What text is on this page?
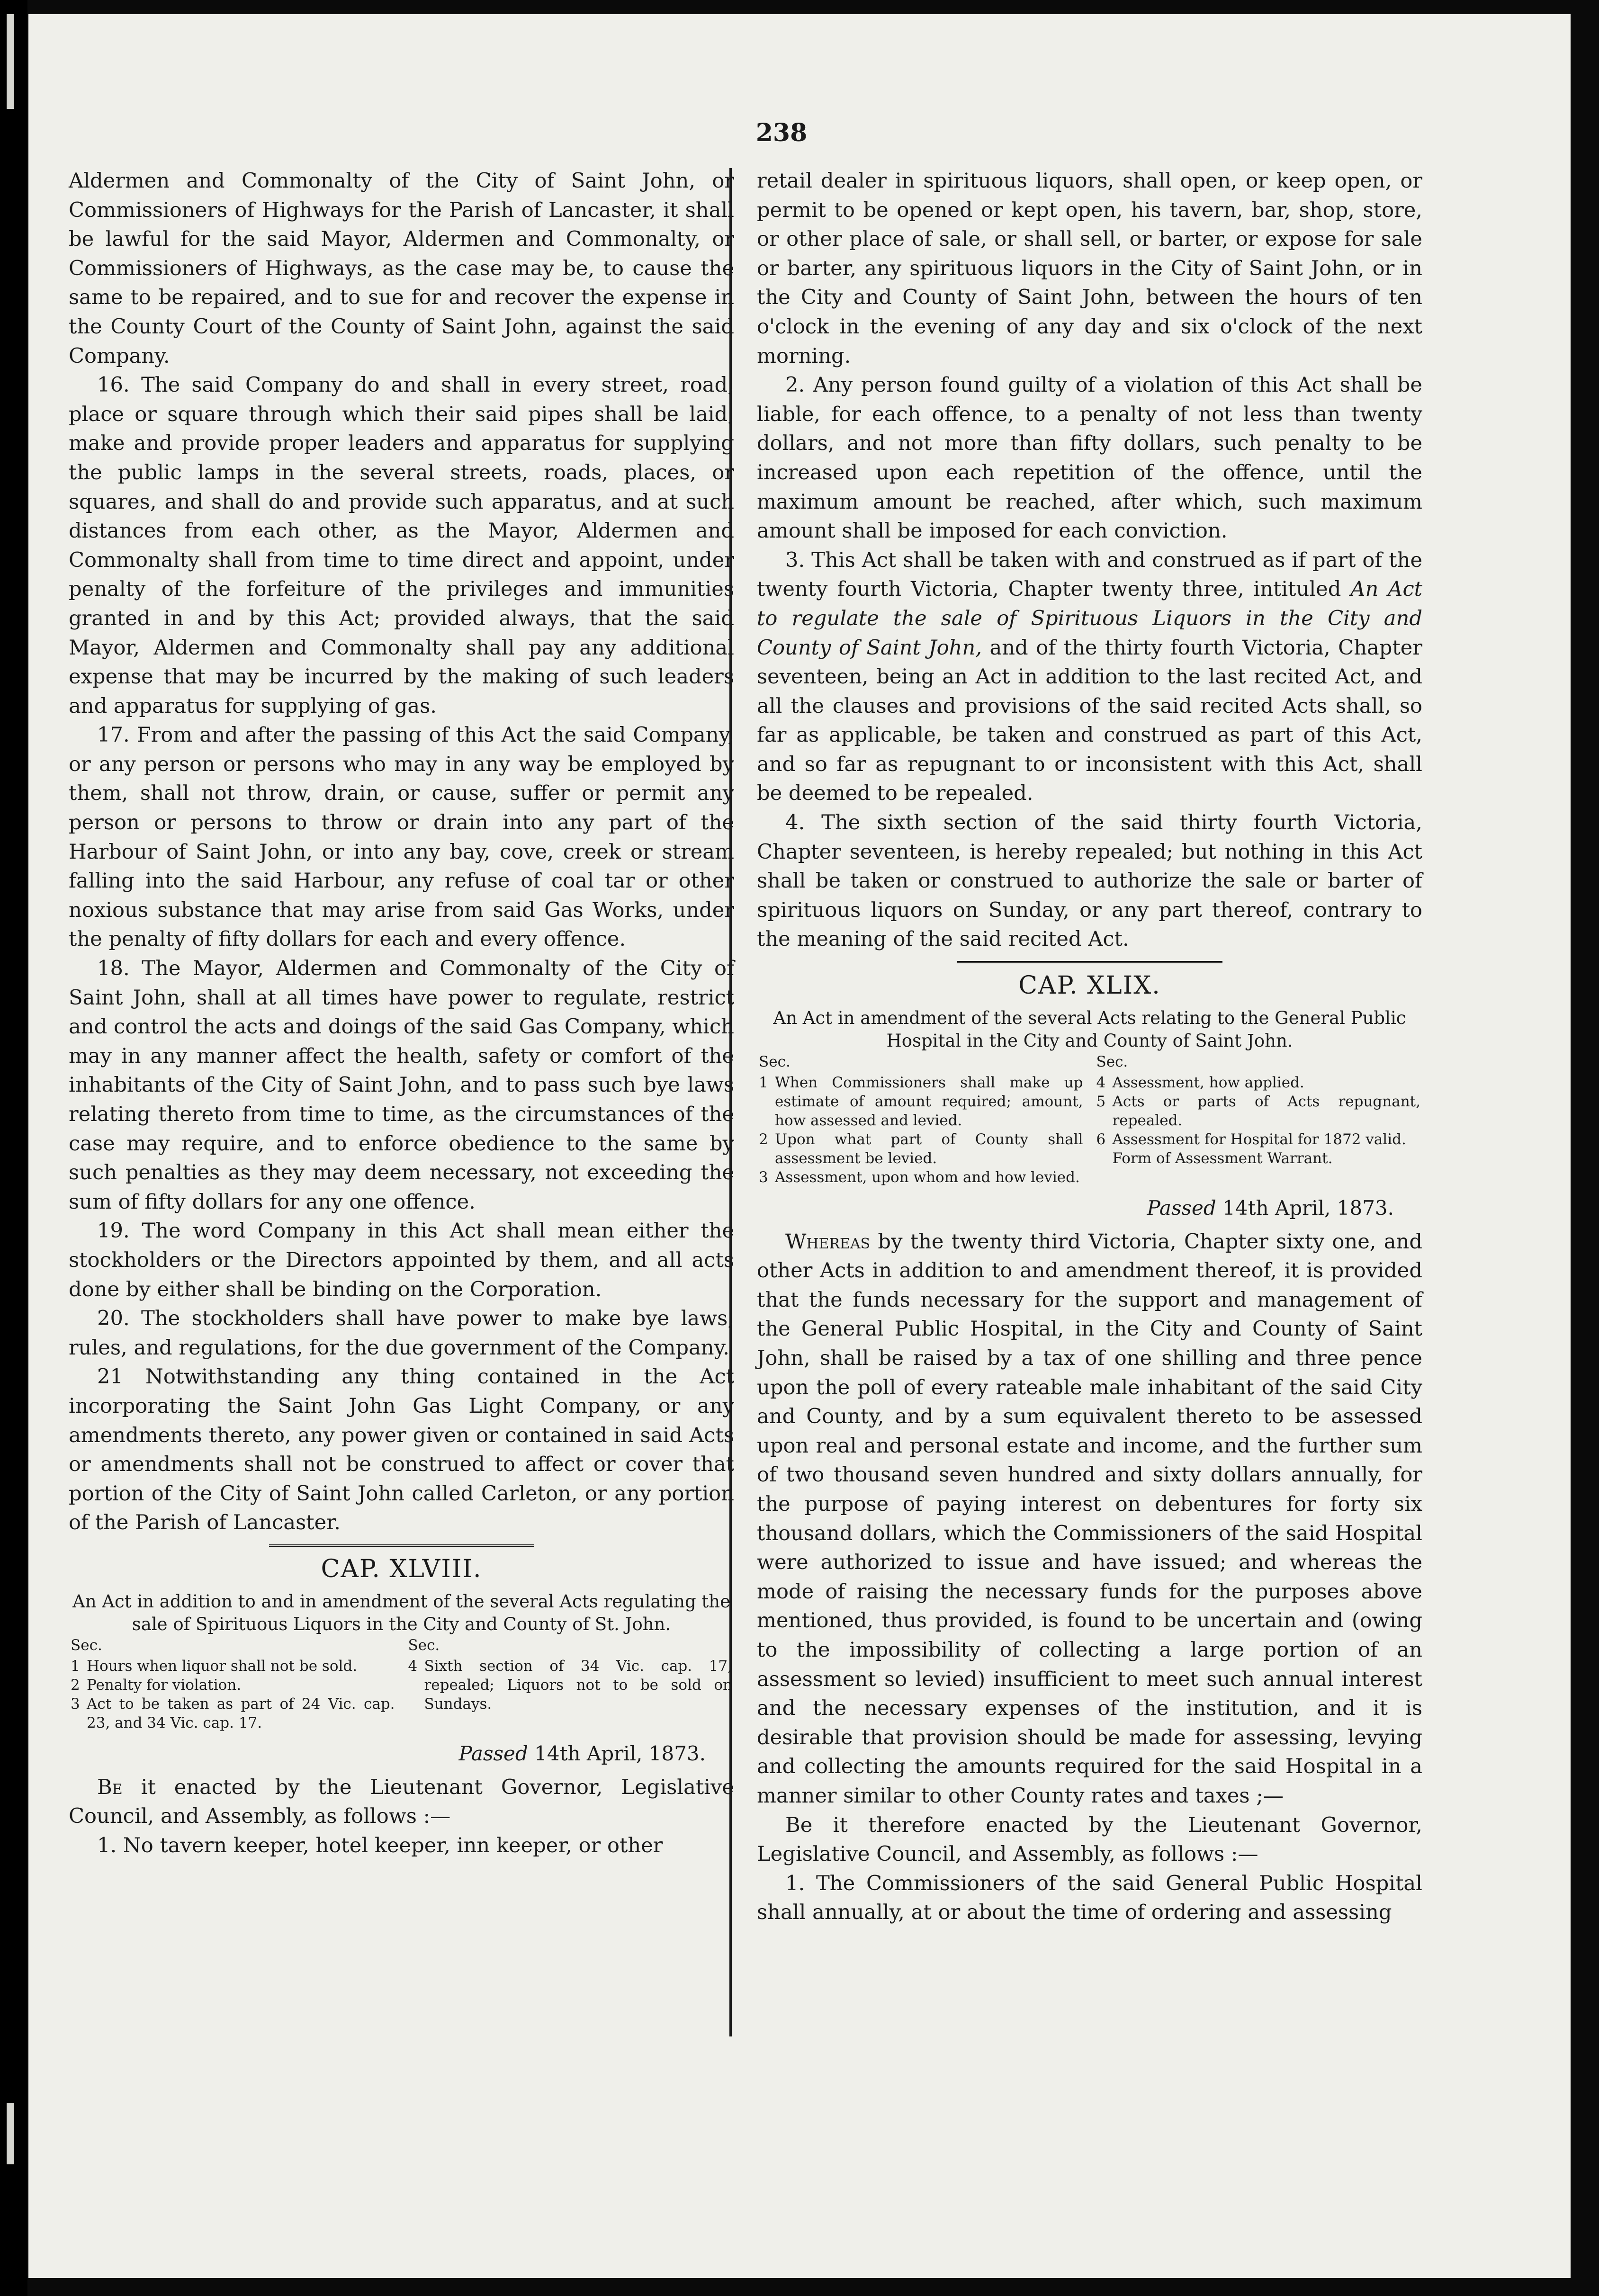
238

Aldermen and Commonalty of the City of Saint John, or Commissioners of Highways for the Parish of Lancaster, it shall be lawful for the said Mayor, Aldermen and Commonalty, or Commissioners of Highways, as the case may be, to cause the same to be repaired, and to sue for and recover the expense in the County Court of the County of Saint John, against the said Company.

16. The said Company do and shall in every street, road, place or square through which their said pipes shall be laid, make and provide proper leaders and apparatus for supplying the public lamps in the several streets, roads, places, or squares, and shall do and provide such apparatus, and at such distances from each other, as the Mayor, Aldermen and Commonalty shall from time to time direct and appoint, under penalty of the forfeiture of the privileges and immunities granted in and by this Act; provided always, that the said Mayor, Aldermen and Commonalty shall pay any additional expense that may be incurred by the making of such leaders and apparatus for supplying of gas.

17. From and after the passing of this Act the said Company, or any person or persons who may in any way be employed by them, shall not throw, drain, or cause, suffer or permit any person or persons to throw or drain into any part of the Harbour of Saint John, or into any bay, cove, creek or stream falling into the said Harbour, any refuse of coal tar or other noxious substance that may arise from said Gas Works, under the penalty of fifty dollars for each and every offence.

18. The Mayor, Aldermen and Commonalty of the City of Saint John, shall at all times have power to regulate, restrict and control the acts and doings of the said Gas Company, which may in any manner affect the health, safety or comfort of the inhabitants of the City of Saint John, and to pass such bye laws relating thereto from time to time, as the circumstances of the case may require, and to enforce obedience to the same by such penalties as they may deem necessary, not exceeding the sum of fifty dollars for any one offence.

19. The word Company in this Act shall mean either the stockholders or the Directors appointed by them, and all acts done by either shall be binding on the Corporation.

20. The stockholders shall have power to make bye laws, rules, and regulations, for the due government of the Company.

21 Notwithstanding any thing contained in the Act incorporating the Saint John Gas Light Company, or any amendments thereto, any power given or contained in said Acts or amendments shall not be construed to affect or cover that portion of the City of Saint John called Carleton, or any portion of the Parish of Lancaster.

CAP. XLVIII.

An Act in addition to and in amendment of the several Acts regulating the sale of Spirituous Liquors in the City and County of St. John.

Sec.
1 Hours when liquor shall not be sold.
2 Penalty for violation.
3 Act to be taken as part of 24 Vic. cap. 23, and 34 Vic. cap. 17.
Sec.
4 Sixth section of 34 Vic. cap. 17, repealed; Liquors not to be sold on Sundays.
Passed 14th April, 1873.

Be it enacted by the Lieutenant Governor, Legislative Council, and Assembly, as follows :—

1. No tavern keeper, hotel keeper, inn keeper, or other

retail dealer in spirituous liquors, shall open, or keep open, or permit to be opened or kept open, his tavern, bar, shop, store, or other place of sale, or shall sell, or barter, or expose for sale or barter, any spirituous liquors in the City of Saint John, or in the City and County of Saint John, between the hours of ten o'clock in the evening of any day and six o'clock of the next morning.

2. Any person found guilty of a violation of this Act shall be liable, for each offence, to a penalty of not less than twenty dollars, and not more than fifty dollars, such penalty to be increased upon each repetition of the offence, until the maximum amount be reached, after which, such maximum amount shall be imposed for each conviction.

3. This Act shall be taken with and construed as if part of the twenty fourth Victoria, Chapter twenty three, intituled An Act to regulate the sale of Spirituous Liquors in the City and County of Saint John, and of the thirty fourth Victoria, Chapter seventeen, being an Act in addition to the last recited Act, and all the clauses and provisions of the said recited Acts shall, so far as applicable, be taken and construed as part of this Act, and so far as repugnant to or inconsistent with this Act, shall be deemed to be repealed.

4. The sixth section of the said thirty fourth Victoria, Chapter seventeen, is hereby repealed; but nothing in this Act shall be taken or construed to authorize the sale or barter of spirituous liquors on Sunday, or any part thereof, contrary to the meaning of the said recited Act.

CAP. XLIX.

An Act in amendment of the several Acts relating to the General Public Hospital in the City and County of Saint John.

Sec.
1 When Commissioners shall make up estimate of amount required; amount, how assessed and levied.
2 Upon what part of County shall assessment be levied.
3 Assessment, upon whom and how levied.
Sec.
4 Assessment, how applied.
5 Acts or parts of Acts repugnant, repealed.
6 Assessment for Hospital for 1872 valid.
Form of Assessment Warrant.
Passed 14th April, 1873.

Whereas by the twenty third Victoria, Chapter sixty one, and other Acts in addition to and amendment thereof, it is provided that the funds necessary for the support and management of the General Public Hospital, in the City and County of Saint John, shall be raised by a tax of one shilling and three pence upon the poll of every rateable male inhabitant of the said City and County, and by a sum equivalent thereto to be assessed upon real and personal estate and income, and the further sum of two thousand seven hundred and sixty dollars annually, for the purpose of paying interest on debentures for forty six thousand dollars, which the Commissioners of the said Hospital were authorized to issue and have issued; and whereas the mode of raising the necessary funds for the purposes above mentioned, thus provided, is found to be uncertain and (owing to the impossibility of collecting a large portion of an assessment so levied) insufficient to meet such annual interest and the necessary expenses of the institution, and it is desirable that provision should be made for assessing, levying and collecting the amounts required for the said Hospital in a manner similar to other County rates and taxes ;—

Be it therefore enacted by the Lieutenant Governor, Legislative Council, and Assembly, as follows :—

1. The Commissioners of the said General Public Hospital shall annually, at or about the time of ordering and assessing
